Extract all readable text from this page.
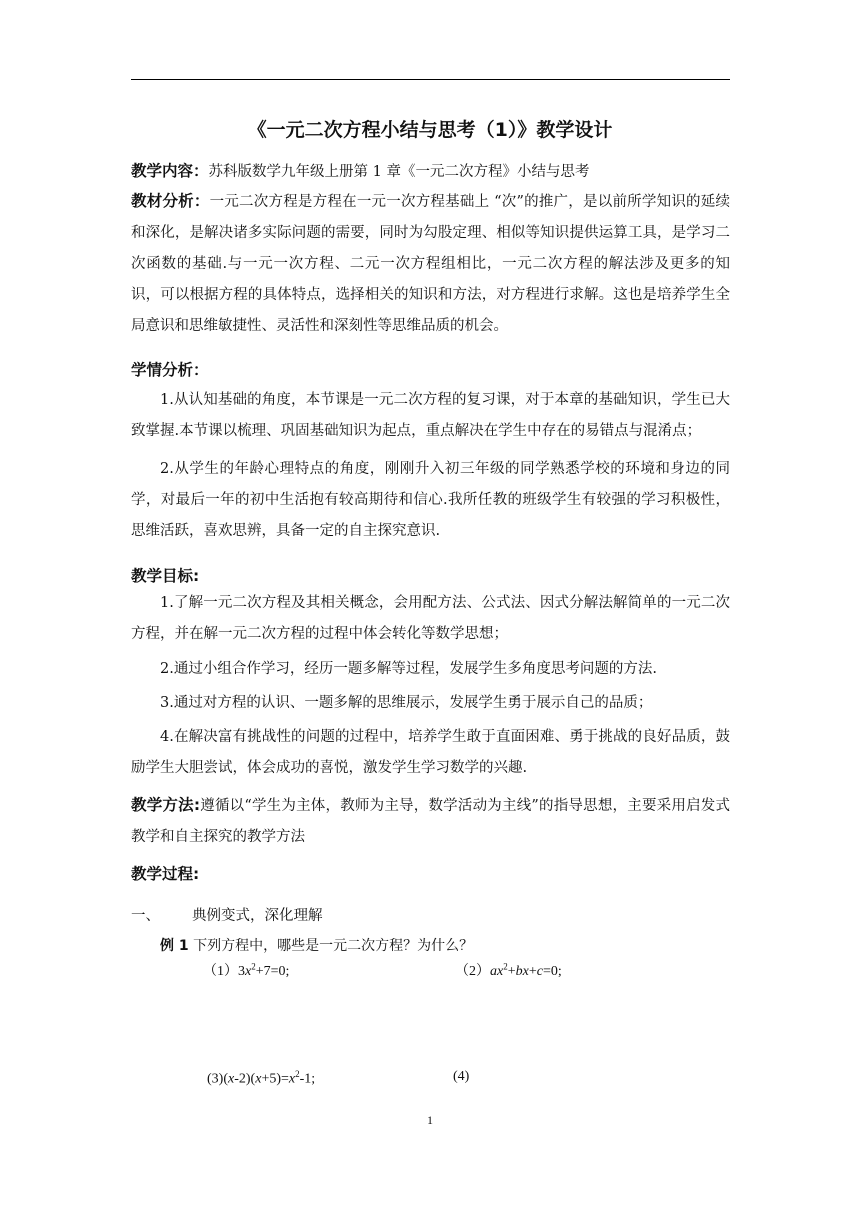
《一元二次方程小结与思考（1）》教学设计
教学内容：苏科版数学九年级上册第 1 章《一元二次方程》小结与思考
教材分析：一元二次方程是方程在一元一次方程基础上 “次”的推广，是以前所学知识的延续和深化，是解决诸多实际问题的需要，同时为勾股定理、相似等知识提供运算工具，是学习二次函数的基础.与一元一次方程、二元一次方程组相比，一元二次方程的解法涉及更多的知识，可以根据方程的具体特点，选择相关的知识和方法，对方程进行求解。这也是培养学生全局意识和思维敏捷性、灵活性和深刻性等思维品质的机会。
学情分析：
1.从认知基础的角度，本节课是一元二次方程的复习课，对于本章的基础知识，学生已大致掌握.本节课以梳理、巩固基础知识为起点，重点解决在学生中存在的易错点与混淆点；
2.从学生的年龄心理特点的角度，刚刚升入初三年级的同学熟悉学校的环境和身边的同学，对最后一年的初中生活抱有较高期待和信心.我所任教的班级学生有较强的学习积极性，思维活跃，喜欢思辨，具备一定的自主探究意识.
教学目标:
1.了解一元二次方程及其相关概念，会用配方法、公式法、因式分解法解简单的一元二次方程，并在解一元二次方程的过程中体会转化等数学思想；
2.通过小组合作学习，经历一题多解等过程，发展学生多角度思考问题的方法.
3.通过对方程的认识、一题多解的思维展示，发展学生勇于展示自己的品质；
4.在解决富有挑战性的问题的过程中，培养学生敢于直面困难、勇于挑战的良好品质，鼓励学生大胆尝试，体会成功的喜悦，激发学生学习数学的兴趣.
教学方法:遵循以“学生为主体，教师为主导，数学活动为主线”的指导思想，主要采用启发式教学和自主探究的教学方法
教学过程:
一、 典例变式，深化理解
例 1 下列方程中，哪些是一元二次方程？为什么？
$(1)3x^2+7=0$;	$(2)ax^2+bx+c=0$;
$(3)(x-2)(x+5)=x^2-1$;	(4)
1
